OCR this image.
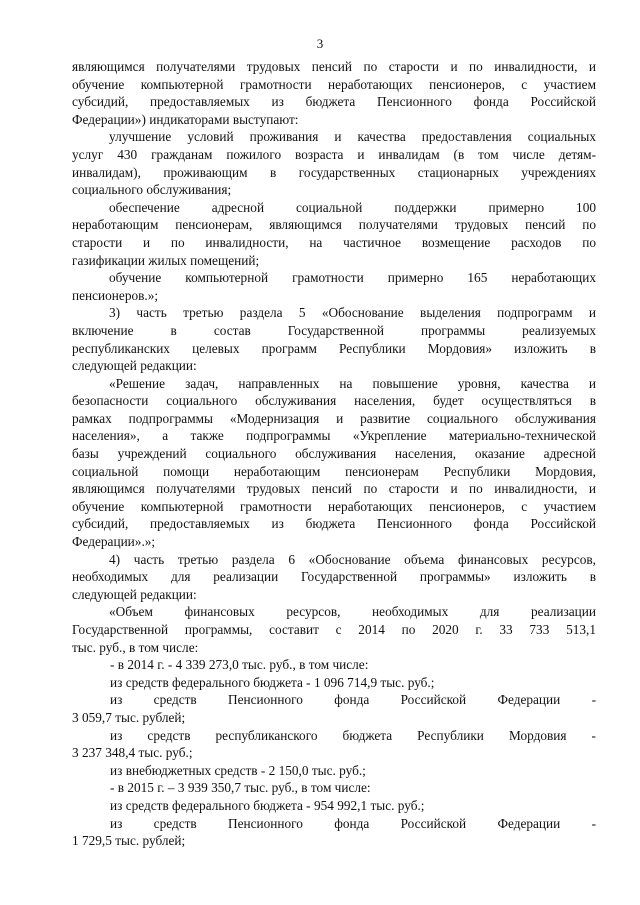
3
являющимся получателями трудовых пенсий по старости и по инвалидности, и
обучение компьютерной грамотности неработающих пенсионеров, с участием
субсидий, предоставляемых из бюджета Пенсионного фонда Российской
Федерации») индикаторами выступают:
улучшение условий проживания и качества предоставления социальных
услуг 430 гражданам пожилого возраста и инвалидам (в том числе детям-
инвалидам), проживающим в государственных стационарных учреждениях
социального обслуживания;
обеспечение адресной социальной поддержки примерно 100
неработающим пенсионерам, являющимся получателями трудовых пенсий по
старости и по инвалидности, на частичное возмещение расходов по
газификации жилых помещений;
обучение компьютерной грамотности примерно 165 неработающих
пенсионеров.»;
3) часть третью раздела 5 «Обоснование выделения подпрограмм и
включение в состав Государственной программы реализуемых
республиканских целевых программ Республики Мордовия» изложить в
следующей редакции:
«Решение задач, направленных на повышение уровня, качества и
безопасности социального обслуживания населения, будет осуществляться в
рамках подпрограммы «Модернизация и развитие социального обслуживания
населения», а также подпрограммы «Укрепление материально-технической
базы учреждений социального обслуживания населения, оказание адресной
социальной помощи неработающим пенсионерам Республики Мордовия,
являющимся получателями трудовых пенсий по старости и по инвалидности, и
обучение компьютерной грамотности неработающих пенсионеров, с участием
субсидий, предоставляемых из бюджета Пенсионного фонда Российской
Федерации».»;
4) часть третью раздела 6 «Обоснование объема финансовых ресурсов,
необходимых для реализации Государственной программы» изложить в
следующей редакции:
«Объем финансовых ресурсов, необходимых для реализации
Государственной программы, составит с 2014 по 2020 г. 33 733 513,1
тыс. руб., в том числе:
- в 2014 г. - 4 339 273,0 тыс. руб., в том числе:
из средств федерального бюджета - 1 096 714,9 тыс. руб.;
из средств Пенсионного фонда Российской Федерации -
3 059,7 тыс. рублей;
из средств республиканского бюджета Республики Мордовия -
3 237 348,4 тыс. руб.;
из внебюджетных средств - 2 150,0 тыс. руб.;
- в 2015 г. – 3 939 350,7 тыс. руб., в том числе:
из средств федерального бюджета - 954 992,1 тыс. руб.;
из средств Пенсионного фонда Российской Федерации -
1 729,5 тыс. рублей;
